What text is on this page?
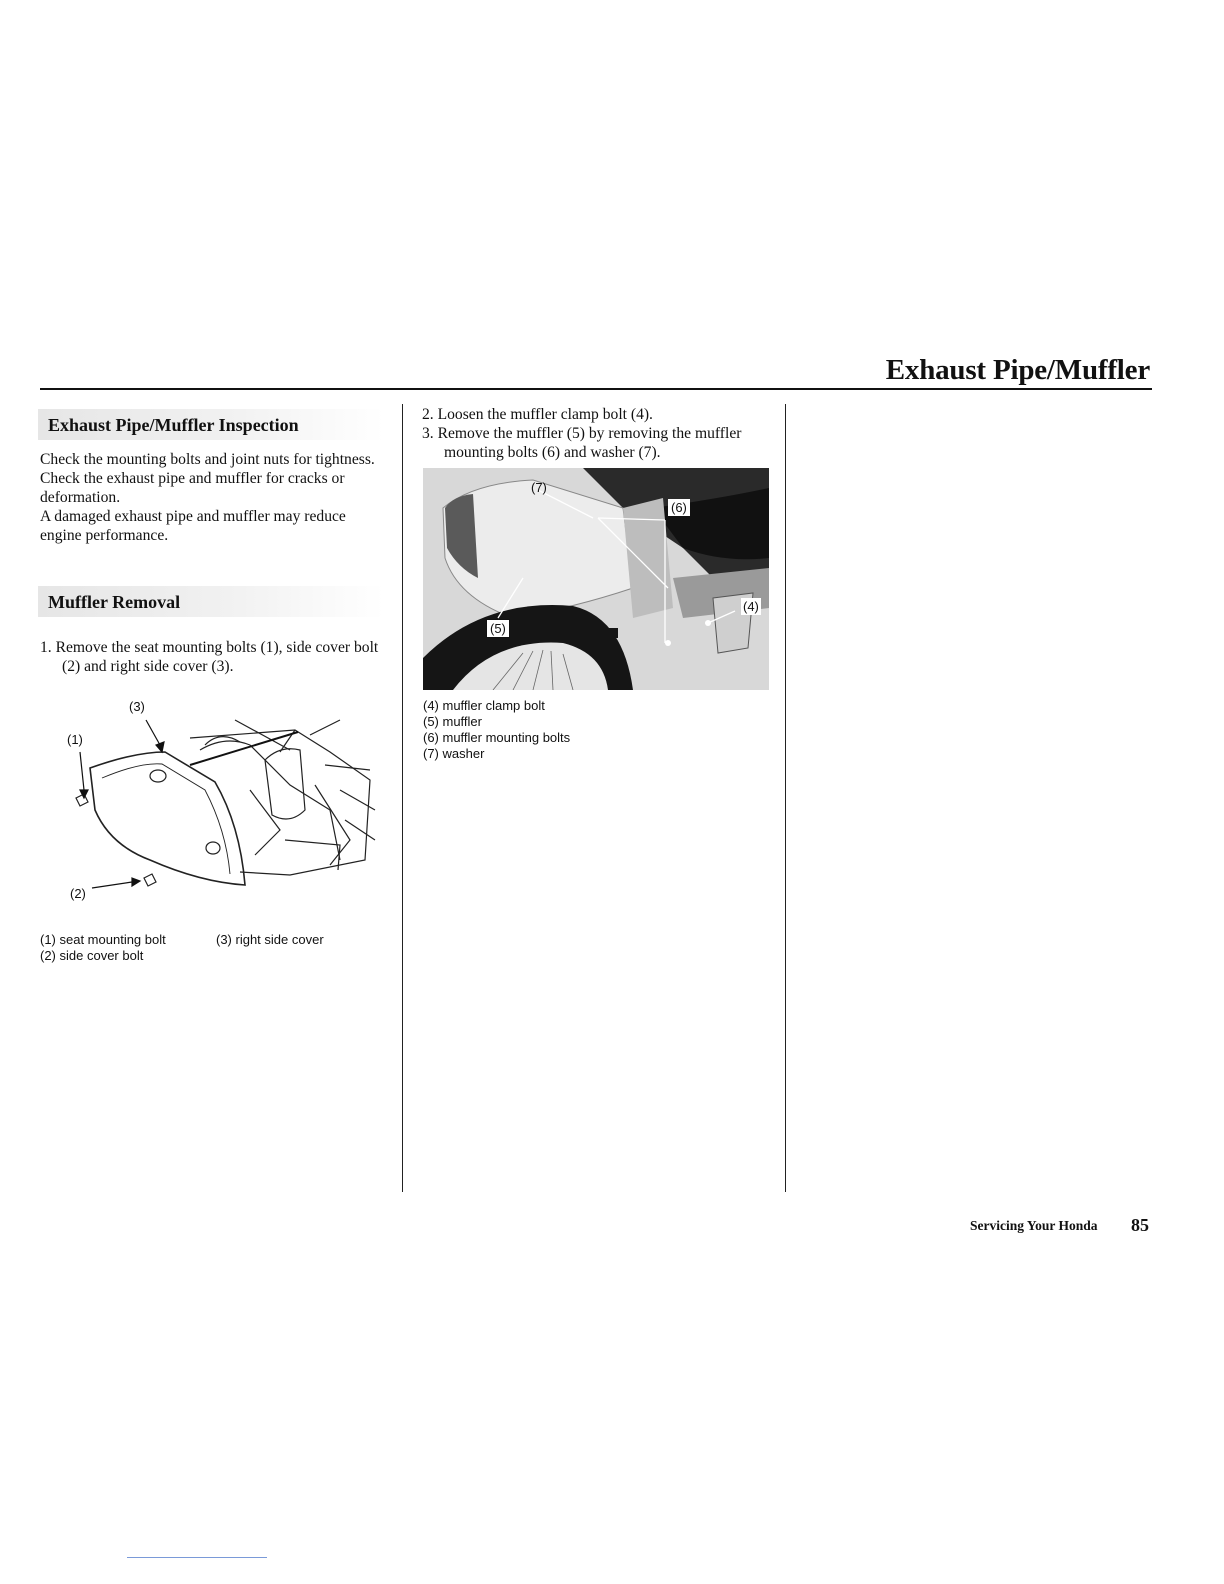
Exhaust Pipe/Muffler
Exhaust Pipe/Muffler Inspection
Check the mounting bolts and joint nuts for tightness.
Check the exhaust pipe and muffler for cracks or deformation.
A damaged exhaust pipe and muffler may reduce engine performance.
Muffler Removal
1. Remove the seat mounting bolts (1), side cover bolt (2) and right side cover (3).
(1)
(2)
(3)
(1) seat mounting bolt	(3) right side cover
(2) side cover bolt
2. Loosen the muffler clamp bolt (4).
3. Remove the muffler (5) by removing the muffler mounting bolts (6) and washer (7).
(7)
(6)
(4)
(5)
(4) muffler clamp bolt
(5) muffler
(6) muffler mounting bolts
(7) washer
Servicing Your Honda 85
